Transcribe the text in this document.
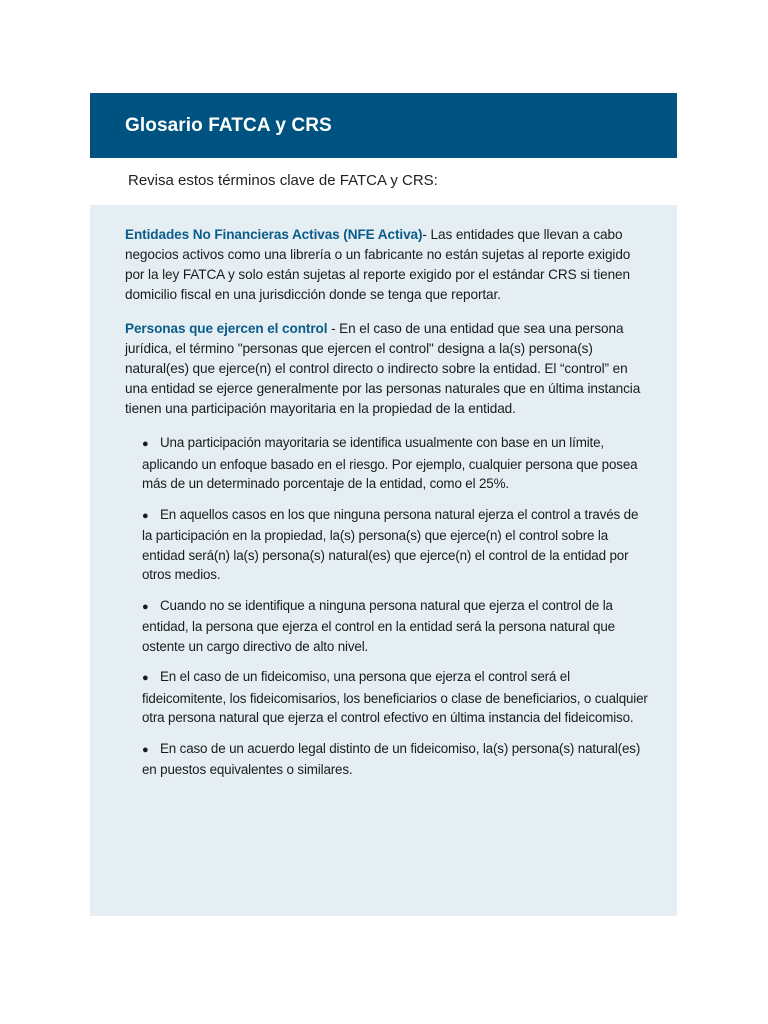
Glosario FATCA y CRS

Revisa estos términos clave de FATCA y CRS:

Entidades No Financieras Activas (NFE Activa)- Las entidades que llevan a cabo negocios activos como una librería o un fabricante no están sujetas al reporte exigido por la ley FATCA y solo están sujetas al reporte exigido por el estándar CRS si tienen domicilio fiscal en una jurisdicción donde se tenga que reportar.

Personas que ejercen el control - En el caso de una entidad que sea una persona jurídica, el término "personas que ejercen el control" designa a la(s) persona(s) natural(es) que ejerce(n) el control directo o indirecto sobre la entidad. El “control” en una entidad se ejerce generalmente por las personas naturales que en última instancia tienen una participación mayoritaria en la propiedad de la entidad.

● Una participación mayoritaria se identifica usualmente con base en un límite, aplicando un enfoque basado en el riesgo. Por ejemplo, cualquier persona que posea más de un determinado porcentaje de la entidad, como el 25%.
● En aquellos casos en los que ninguna persona natural ejerza el control a través de la participación en la propiedad, la(s) persona(s) que ejerce(n) el control sobre la entidad será(n) la(s) persona(s) natural(es) que ejerce(n) el control de la entidad por otros medios.
● Cuando no se identifique a ninguna persona natural que ejerza el control de la entidad, la persona que ejerza el control en la entidad será la persona natural que ostente un cargo directivo de alto nivel.
● En el caso de un fideicomiso, una persona que ejerza el control será el fideicomitente, los fideicomisarios, los beneficiarios o clase de beneficiarios, o cualquier otra persona natural que ejerza el control efectivo en última instancia del fideicomiso.
● En caso de un acuerdo legal distinto de un fideicomiso, la(s) persona(s) natural(es) en puestos equivalentes o similares.
